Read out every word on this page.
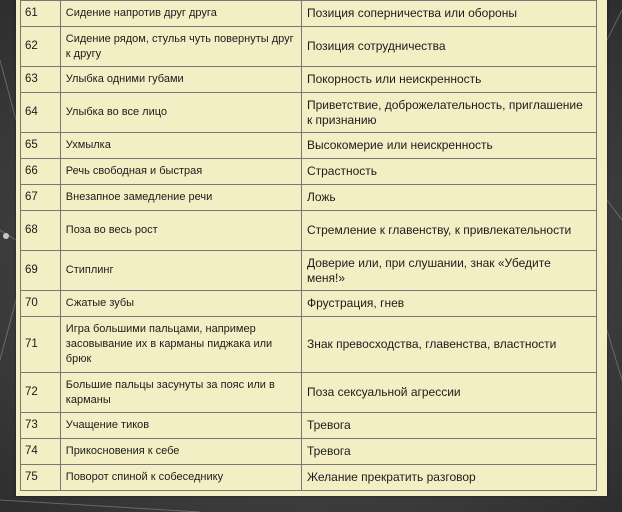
61	Сидение напротив друг друга	Позиция соперничества или обороны
62	Сидение рядом, стулья чуть повернуты друг к другу	Позиция сотрудничества
63	Улыбка одними губами	Покорность или неискренность
64	Улыбка во все лицо	Приветствие, доброжелательность, приглашение к признанию
65	Ухмылка	Высокомерие или неискренность
66	Речь свободная и быстрая	Страстность
67	Внезапное замедление речи	Ложь
68	Поза во весь рост	Стремление к главенству, к привлекательности
69	Стиплинг	Доверие или, при слушании, знак «Убедите меня!»
70	Сжатые зубы	Фрустрация, гнев
71	Игра большими пальцами, например засовывание их в карманы пиджака или брюк	Знак превосходства, главенства, властности
72	Большие пальцы засунуты за пояс или в карманы	Поза сексуальной агрессии
73	Учащение тиков	Тревога
74	Прикосновения к себе	Тревога
75	Поворот спиной к собеседнику	Желание прекратить разговор
